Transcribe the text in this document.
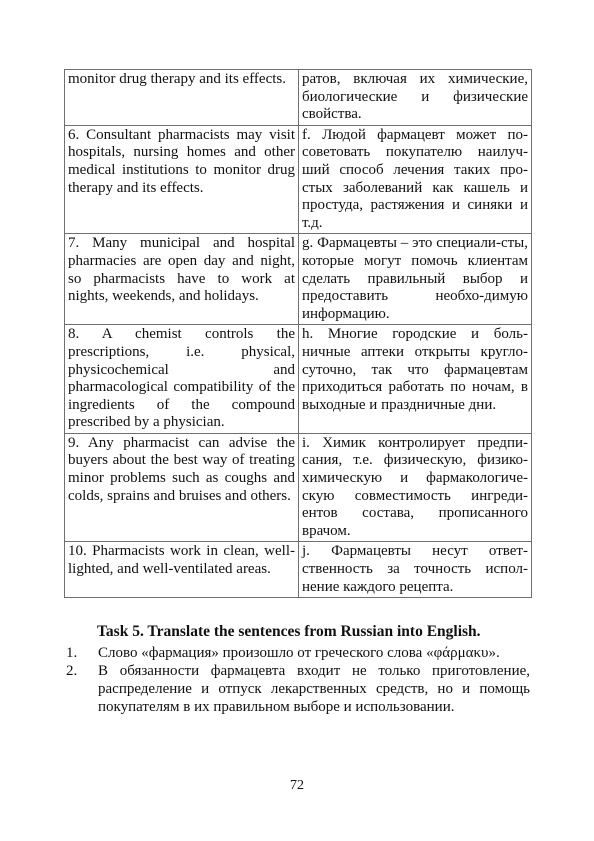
monitor drug therapy and its effects.	ратов, включая их химические, биологические и физические свойства.
6. Consultant pharmacists may visit hospitals, nursing homes and other medical institutions to monitor drug therapy and its effects.	f. Людой фармацевт может по-советовать покупателю наилуч-ший способ лечения таких про-стых заболеваний как кашель и простуда, растяжения и синяки и т.д.
7. Many municipal and hospital pharmacies are open day and night, so pharmacists have to work at nights, weekends, and holidays.	g. Фармацевты – это специали-сты, которые могут помочь клиентам сделать правильный выбор и предоставить необхо-димую информацию.
8. A chemist controls the prescriptions, i.e. physical, physicochemical and pharmacological compatibility of the ingredients of the compound prescribed by a physician.	h. Многие городские и боль-ничные аптеки открыты кругло-суточно, так что фармацевтам приходиться работать по ночам, в выходные и праздничные дни.
9. Any pharmacist can advise the buyers about the best way of treating minor problems such as coughs and colds, sprains and bruises and others.	i. Химик контролирует предпи-сания, т.е. физическую, физико-химическую и фармакологиче-скую совместимость ингреди-ентов состава, прописанного врачом.
10. Pharmacists work in clean, well-lighted, and well-ventilated areas.	j. Фармацевты несут ответ-ственность за точность испол-нение каждого рецепта.
Task 5. Translate the sentences from Russian into English.
1. Слово «фармация» произошло от греческого слова «φάρμακυ».
2. В обязанности фармацевта входит не только приготовление, распределение и отпуск лекарственных средств, но и помощь покупателям в их правильном выборе и использовании.
72
